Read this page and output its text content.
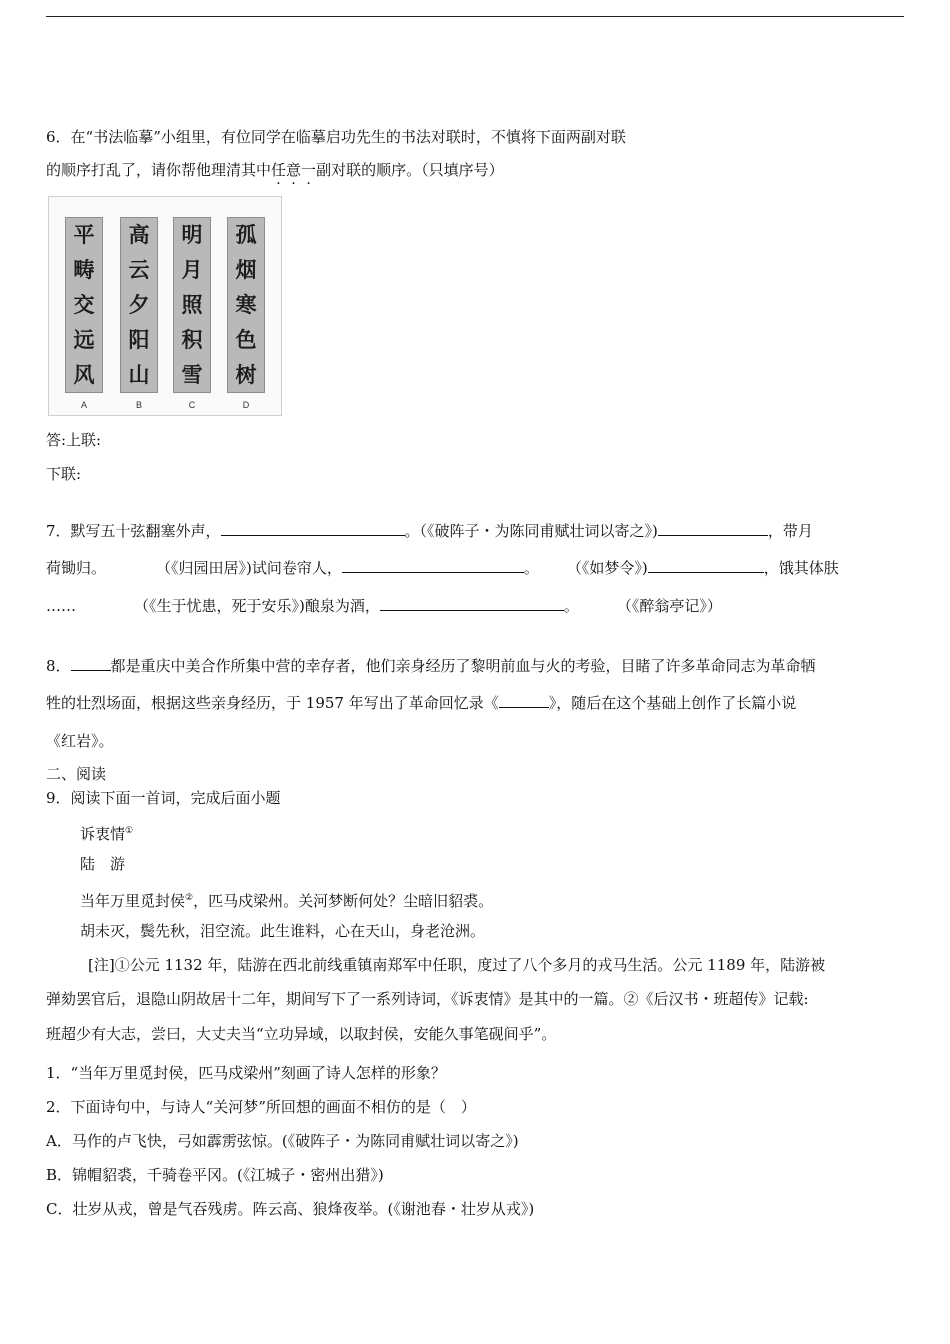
6．在“书法临摹”小组里，有位同学在临摹启功先生的书法对联时，不慎将下面两副对联
的顺序打乱了，请你帮他理清其中任意一副对联的顺序。（只填序号）
平
畴
交
远
风
高
云
夕
阳
山
明
月
照
积
雪
孤
烟
寒
色
树
A	B	C	D
答:上联:
下联:
7．默写五十弦翻塞外声，	。（《破阵子・为陈同甫赋壮词以寄之》)	，带月
荷锄归。	（《归园田居》)试问卷帘人，	。 （《如梦令》)	，饿其体肤
……	（《生于忧患，死于安乐》)酿泉为酒，	。	（《醉翁亭记》）
8．	都是重庆中美合作所集中营的幸存者，他们亲身经历了黎明前血与火的考验，目睹了许多革命同志为革命牺
牲的壮烈场面，根据这些亲身经历，于 1957 年写出了革命回忆录《	》，随后在这个基础上创作了长篇小说
《红岩》。
二、阅读
9．阅读下面一首词，完成后面小题
诉衷情①
陆　游
当年万里觅封侯②，匹马戍梁州。关河梦断何处？尘暗旧貂裘。
胡未灭，鬓先秋，泪空流。此生谁料，心在天山，身老沧洲。
[注]①公元 1132 年，陆游在西北前线重镇南郑军中任职，度过了八个多月的戎马生活。公元 1189 年，陆游被
弹劾罢官后，退隐山阴故居十二年，期间写下了一系列诗词，《诉衷情》是其中的一篇。②《后汉书・班超传》记载:
班超少有大志，尝曰，大丈夫当“立功异域，以取封侯，安能久事笔砚间乎”。
1．“当年万里觅封侯，匹马戍梁州”刻画了诗人怎样的形象？
2．下面诗句中，与诗人“关河梦”所回想的画面不相仿的是（　）
A．马作的卢飞快，弓如霹雳弦惊。(《破阵子・为陈同甫赋壮词以寄之》)
B．锦帽貂裘，千骑卷平冈。(《江城子・密州出猎》)
C．壮岁从戎，曾是气吞残虏。阵云高、狼烽夜举。(《谢池春・壮岁从戎》)
